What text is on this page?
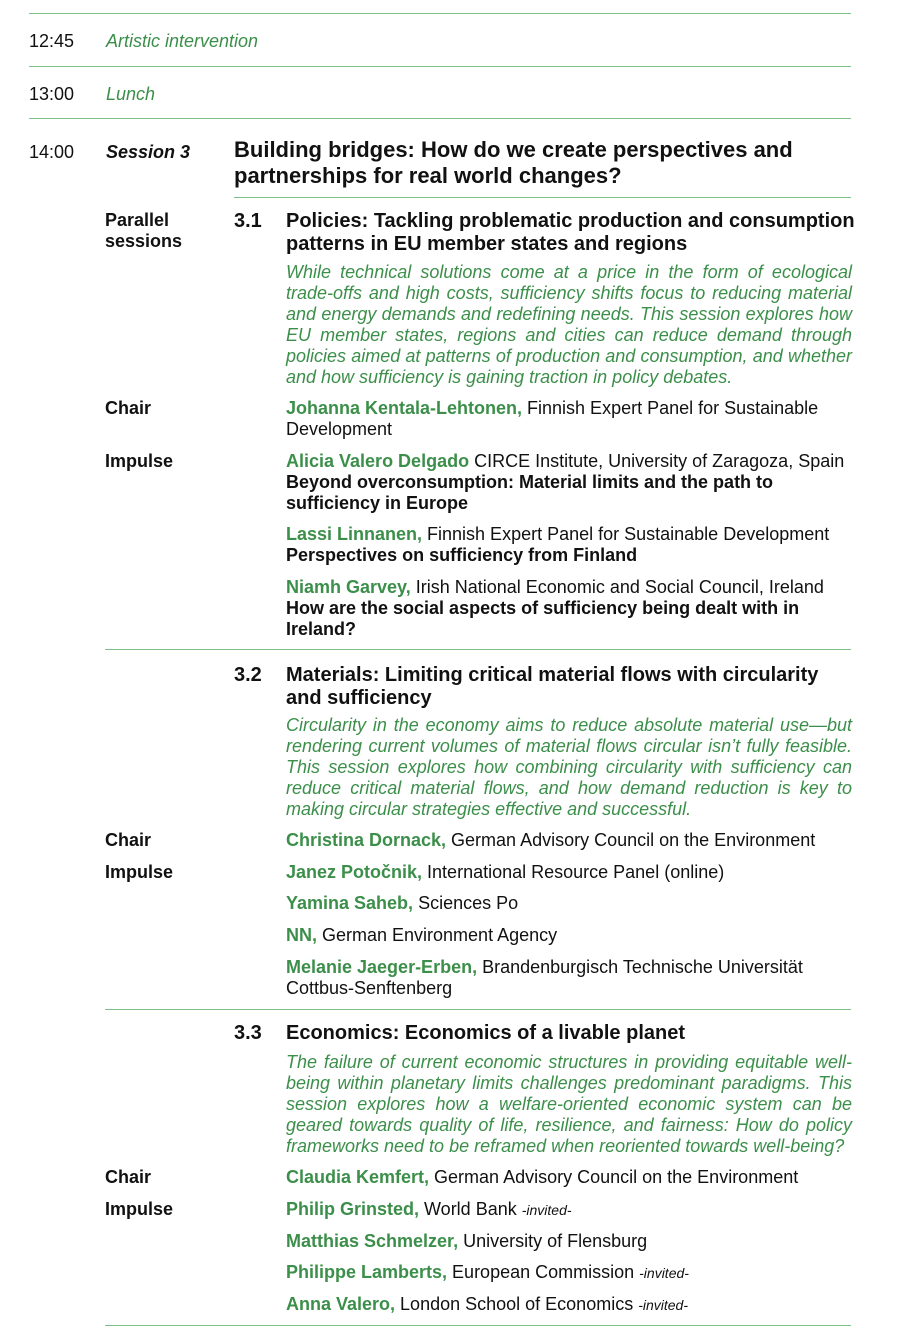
12:45 Artistic intervention
13:00 Lunch
14:00 Session 3 Building bridges: How do we create perspectives and partnerships for real world changes?
Parallel sessions
3.1 Policies: Tackling problematic production and consumption patterns in EU member states and regions
While technical solutions come at a price in the form of ecological trade-offs and high costs, sufficiency shifts focus to reducing material and energy demands and redefining needs. This session explores how EU member states, regions and cities can reduce demand through policies aimed at patterns of production and consumption, and whether and how sufficiency is gaining traction in policy debates.
Chair	Johanna Kentala-Lehtonen, Finnish Expert Panel for Sustainable Development
Impulse	Alicia Valero Delgado CIRCE Institute, University of Zaragoza, Spain
Beyond overconsumption: Material limits and the path to sufficiency in Europe
Lassi Linnanen, Finnish Expert Panel for Sustainable Development
Perspectives on sufficiency from Finland
Niamh Garvey, Irish National Economic and Social Council, Ireland
How are the social aspects of sufficiency being dealt with in Ireland?
3.2 Materials: Limiting critical material flows with circularity and sufficiency
Circularity in the economy aims to reduce absolute material use—but rendering current volumes of material flows circular isn’t fully feasible. This session explores how combining circularity with sufficiency can reduce critical material flows, and how demand reduction is key to making circular strategies effective and successful.
Chair	Christina Dornack, German Advisory Council on the Environment
Impulse	Janez Potočnik, International Resource Panel (online)
Yamina Saheb, Sciences Po
NN, German Environment Agency
Melanie Jaeger-Erben, Brandenburgisch Technische Universität Cottbus-Senftenberg
3.3 Economics: Economics of a livable planet
The failure of current economic structures in providing equitable well-being within planetary limits challenges predominant paradigms. This session explores how a welfare-oriented economic system can be geared towards quality of life, resilience, and fairness: How do policy frameworks need to be reframed when reoriented towards well-being?
Chair	Claudia Kemfert, German Advisory Council on the Environment
Impulse	Philip Grinsted, World Bank -invited-
Matthias Schmelzer, University of Flensburg
Philippe Lamberts, European Commission -invited-
Anna Valero, London School of Economics -invited-
